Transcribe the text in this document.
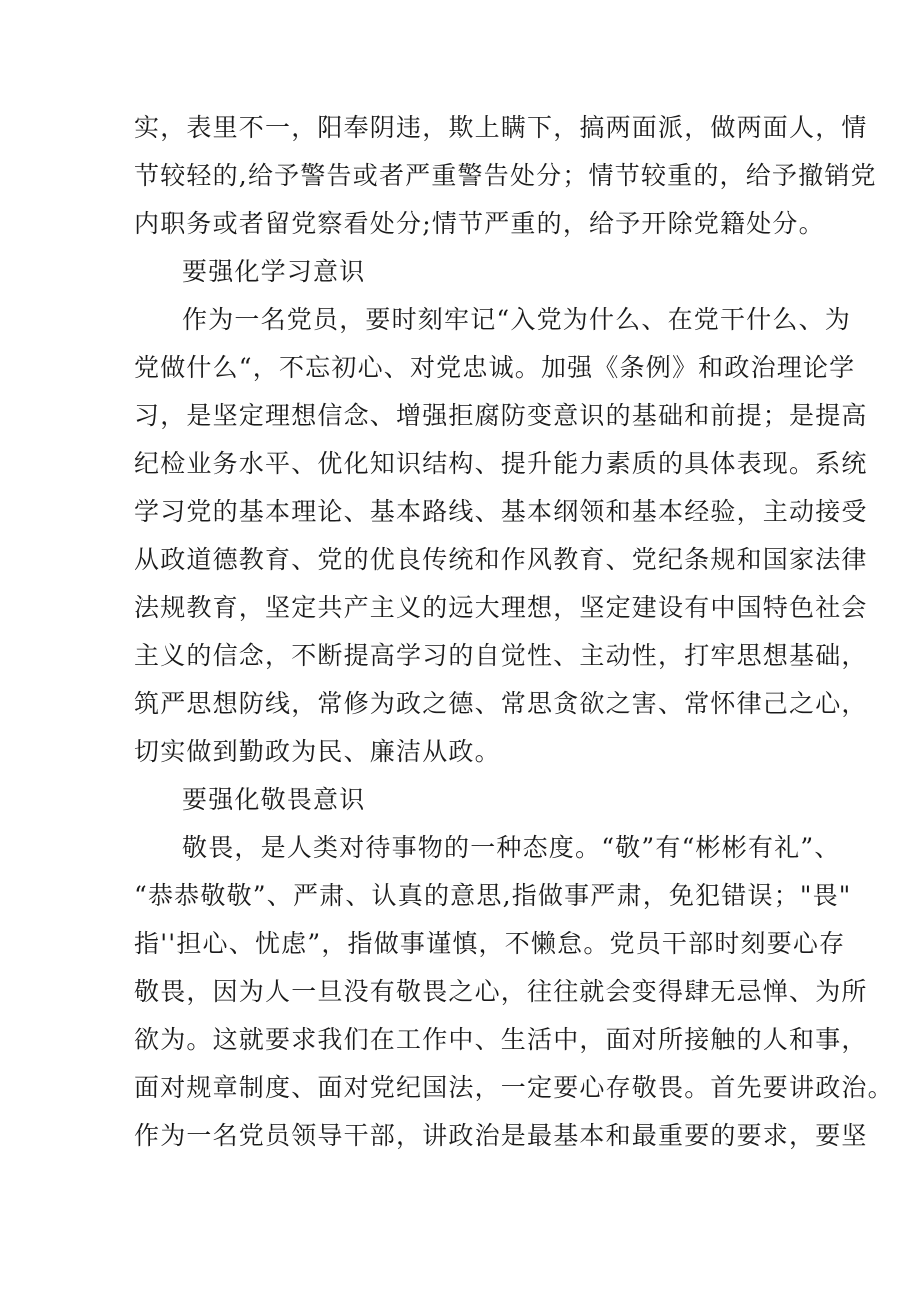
实，表里不一，阳奉阴违，欺上瞒下，搞两面派，做两面人，情
节较轻的,给予警告或者严重警告处分；情节较重的，给予撤销党
内职务或者留党察看处分;情节严重的，给予开除党籍处分。
要强化学习意识
作为一名党员，要时刻牢记“入党为什么、在党干什么、为
党做什么“，不忘初心、对党忠诚。加强《条例》和政治理论学
习，是坚定理想信念、增强拒腐防变意识的基础和前提；是提高
纪检业务水平、优化知识结构、提升能力素质的具体表现。系统
学习党的基本理论、基本路线、基本纲领和基本经验，主动接受
从政道德教育、党的优良传统和作风教育、党纪条规和国家法律
法规教育，坚定共产主义的远大理想，坚定建设有中国特色社会
主义的信念，不断提高学习的自觉性、主动性，打牢思想基础，
筑严思想防线，常修为政之德、常思贪欲之害、常怀律己之心，
切实做到勤政为民、廉洁从政。
要强化敬畏意识
敬畏，是人类对待事物的一种态度。“敬”有“彬彬有礼”、
“恭恭敬敬”、严肃、认真的意思,指做事严肃，免犯错误；"畏"
指''担心、忧虑”，指做事谨慎，不懒怠。党员干部时刻要心存
敬畏，因为人一旦没有敬畏之心，往往就会变得肆无忌惮、为所
欲为。这就要求我们在工作中、生活中，面对所接触的人和事，
面对规章制度、面对党纪国法，一定要心存敬畏。首先要讲政治。
作为一名党员领导干部，讲政治是最基本和最重要的要求，要坚
